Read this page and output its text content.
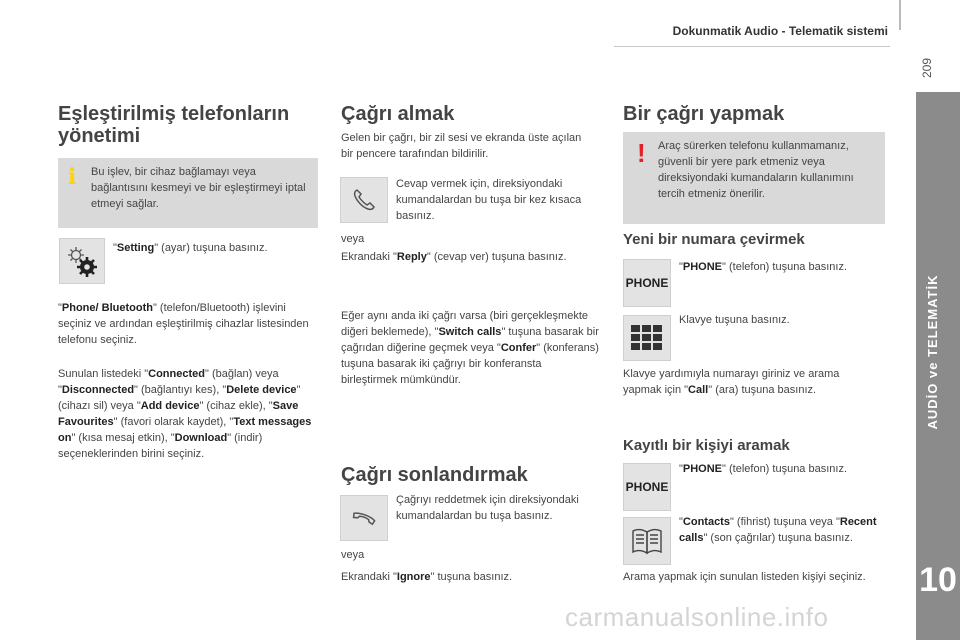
Dokunmatik Audio - Telematik sistemi
209
AUDİO ve TELEMATİK
10
Eşleştirilmiş telefonların yönetimi
i Bu işlev, bir cihaz bağlamayı veya bağlantısını kesmeyi ve bir eşleştirmeyi iptal etmeyi sağlar.

"Setting" (ayar) tuşuna basınız.

"Phone/ Bluetooth" (telefon/Bluetooth) işlevini seçiniz ve ardından eşleştirilmiş cihazlar listesinden telefonu seçiniz.

Sunulan listedeki "Connected" (bağlan) veya "Disconnected" (bağlantıyı kes), "Delete device" (cihazı sil) veya "Add device" (cihaz ekle), "Save Favourites" (favori olarak kaydet), "Text messages on" (kısa mesaj etkin), "Download" (indir) seçeneklerinden birini seçiniz.

Çağrı almak

Gelen bir çağrı, bir zil sesi ve ekranda üste açılan bir pencere tarafından bildirilir.

Cevap vermek için, direksiyondaki kumandalardan bu tuşa bir kez kısaca basınız.

veya

Ekrandaki "Reply" (cevap ver) tuşuna basınız.

Eğer aynı anda iki çağrı varsa (biri gerçekleşmekte diğeri beklemede), "Switch calls" tuşuna basarak bir çağrıdan diğerine geçmek veya "Confer" (konferans) tuşuna basarak iki çağrıyı bir konferansta birleştirmek mümkündür.

Çağrı sonlandırmak

Çağrıyı reddetmek için direksiyondaki kumandalardan bu tuşa basınız.

veya

Ekrandaki "Ignore" tuşuna basınız.

Bir çağrı yapmak
! Araç sürerken telefonu kullanmamanız, güvenli bir yere park etmeniz veya direksiyondaki kumandaların kullanımını tercih etmeniz önerilir.

Yeni bir numara çevirmek
PHONE

"PHONE" (telefon) tuşuna basınız.

Klavye tuşuna basınız.

Klavye yardımıyla numarayı giriniz ve arama yapmak için "Call" (ara) tuşuna basınız.

Kayıtlı bir kişiyi aramak
PHONE

"PHONE" (telefon) tuşuna basınız.

"Contacts" (fihrist) tuşuna veya "Recent calls" (son çağrılar) tuşuna basınız.

Arama yapmak için sunulan listeden kişiyi seçiniz.

carmanualsonline.info
